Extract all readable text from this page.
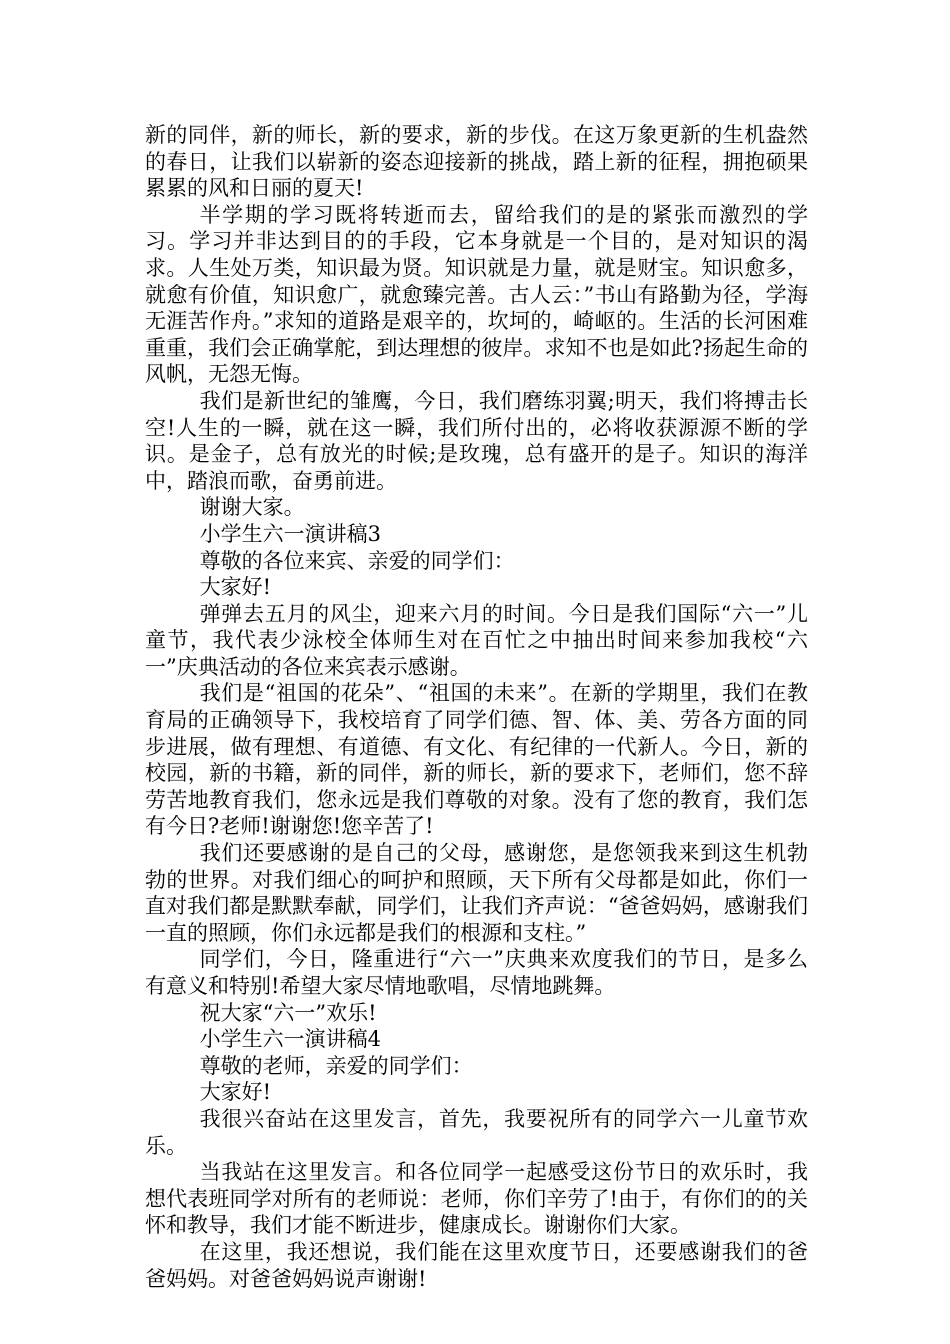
新的同伴，新的师长，新的要求，新的步伐。在这万象更新的生机盎然的春日，让我们以崭新的姿态迎接新的挑战，踏上新的征程，拥抱硕果累累的风和日丽的夏天!

半学期的学习既将转逝而去，留给我们的是的紧张而激烈的学习。学习并非达到目的的手段，它本身就是一个目的，是对知识的渴求。人生处万类，知识最为贤。知识就是力量，就是财宝。知识愈多，就愈有价值，知识愈广，就愈臻完善。古人云：”书山有路勤为径，学海无涯苦作舟。”求知的道路是艰辛的，坎坷的，崎岖的。生活的长河困难重重，我们会正确掌舵，到达理想的彼岸。求知不也是如此?扬起生命的风帆，无怨无悔。

我们是新世纪的雏鹰，今日，我们磨练羽翼;明天，我们将搏击长空!人生的一瞬，就在这一瞬，我们所付出的，必将收获源源不断的学识。是金子，总有放光的时候;是玫瑰，总有盛开的是子。知识的海洋中，踏浪而歌，奋勇前进。

谢谢大家。

小学生六一演讲稿3

尊敬的各位来宾、亲爱的同学们：

大家好!

弹弹去五月的风尘，迎来六月的时间。今日是我们国际“六一”儿童节，我代表少泳校全体师生对在百忙之中抽出时间来参加我校“六一”庆典活动的各位来宾表示感谢。

我们是“祖国的花朵”、“祖国的未来”。在新的学期里，我们在教育局的正确领导下，我校培育了同学们德、智、体、美、劳各方面的同步进展，做有理想、有道德、有文化、有纪律的一代新人。今日，新的校园，新的书籍，新的同伴，新的师长，新的要求下，老师们，您不辞劳苦地教育我们，您永远是我们尊敬的对象。没有了您的教育，我们怎有今日?老师!谢谢您!您辛苦了!

我们还要感谢的是自己的父母，感谢您，是您领我来到这生机勃勃的世界。对我们细心的呵护和照顾，天下所有父母都是如此，你们一直对我们都是默默奉献，同学们，让我们齐声说：“爸爸妈妈，感谢我们一直的照顾，你们永远都是我们的根源和支柱。”

同学们，今日，隆重进行“六一”庆典来欢度我们的节日，是多么有意义和特别!希望大家尽情地歌唱，尽情地跳舞。

祝大家“六一”欢乐!

小学生六一演讲稿4

尊敬的老师，亲爱的同学们：

大家好!

我很兴奋站在这里发言，首先，我要祝所有的同学六一儿童节欢乐。

当我站在这里发言。和各位同学一起感受这份节日的欢乐时，我想代表班同学对所有的老师说：老师，你们辛劳了!由于，有你们的的关怀和教导，我们才能不断进步，健康成长。谢谢你们大家。

在这里，我还想说，我们能在这里欢度节日，还要感谢我们的爸爸妈妈。对爸爸妈妈说声谢谢!
